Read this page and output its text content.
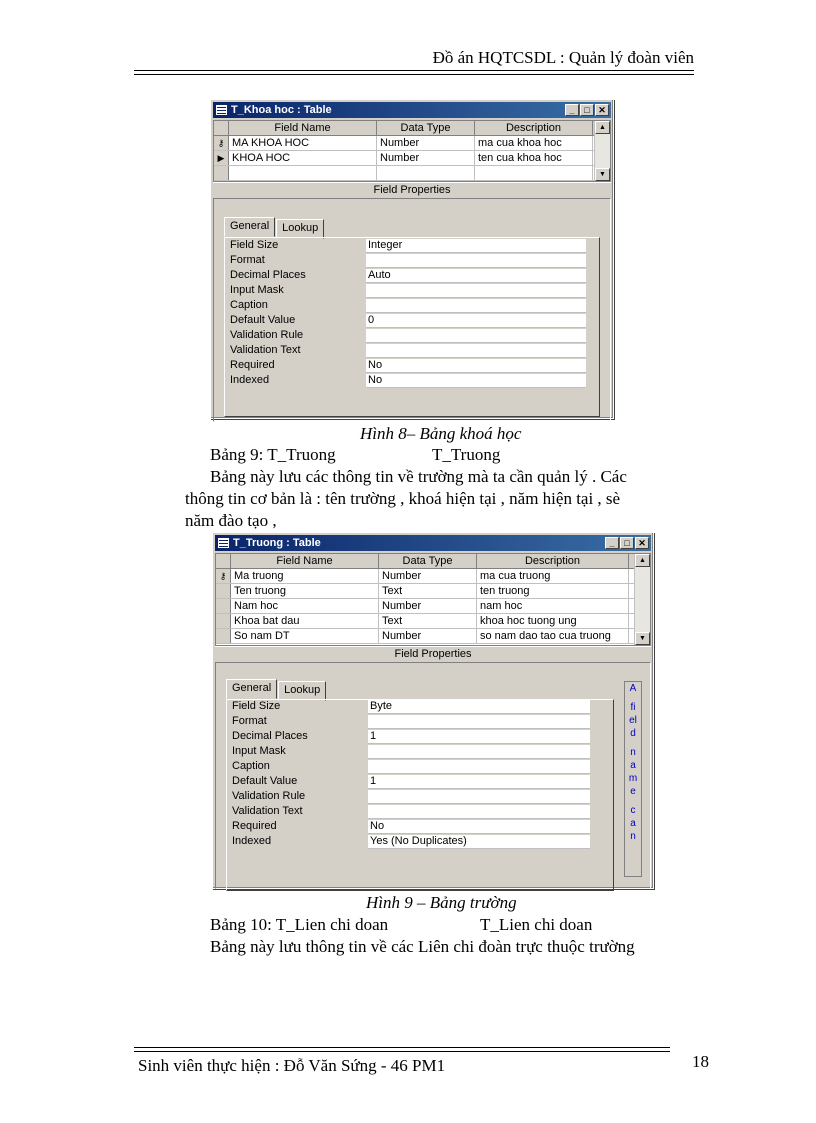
Đồ án HQTCSDL : Quản lý đoàn viên
T_Khoa hoc : Table	_	□ ✕
Field Name	Data Type	Description
⚷ MA KHOA HOC	Number	ma cua khoa hoc
▶ KHOA HOC	Number	ten cua khoa hoc
▲
▼
Field Properties
General	Lookup
Field Size	Integer
Format
Decimal Places	Auto
Input Mask
Caption
Default Value	0
Validation Rule
Validation Text
Required	No
Indexed	No
Hình 8– Bảng khoá học
Bảng 9: T_Truong	T_Truong
Bảng này lưu các thông tin về trường mà ta cần quản lý . Các
thông tin cơ bản là : tên trường , khoá hiện tại , năm hiện tại , sè
năm đào tạo ,
T_Truong : Table	_	□ ✕
Field Name	Data Type	Description
⚷ Ma truong	Number	ma cua truong
Ten truong	Text	ten truong
Nam hoc	Number	nam hoc
Khoa bat dau	Text	khoa hoc tuong ung
So nam DT	Number	so nam dao tao cua truong
▲
▼
Field Properties
General	Lookup
Field Size	Byte
Format
Decimal Places	1
Input Mask
Caption
Default Value	1
Validation Rule
Validation Text
Required	No
Indexed	Yes (No Duplicates)
A
fi
el
d
n
a
m
e
c
a
n
Hình 9 – Bảng trường
Bảng 10: T_Lien chi doan	T_Lien chi doan
Bảng này lưu thông tin về các Liên chi đoàn trực thuộc trường
Sinh viên thực hiện : Đỗ Văn Sứng - 46 PM1	18
